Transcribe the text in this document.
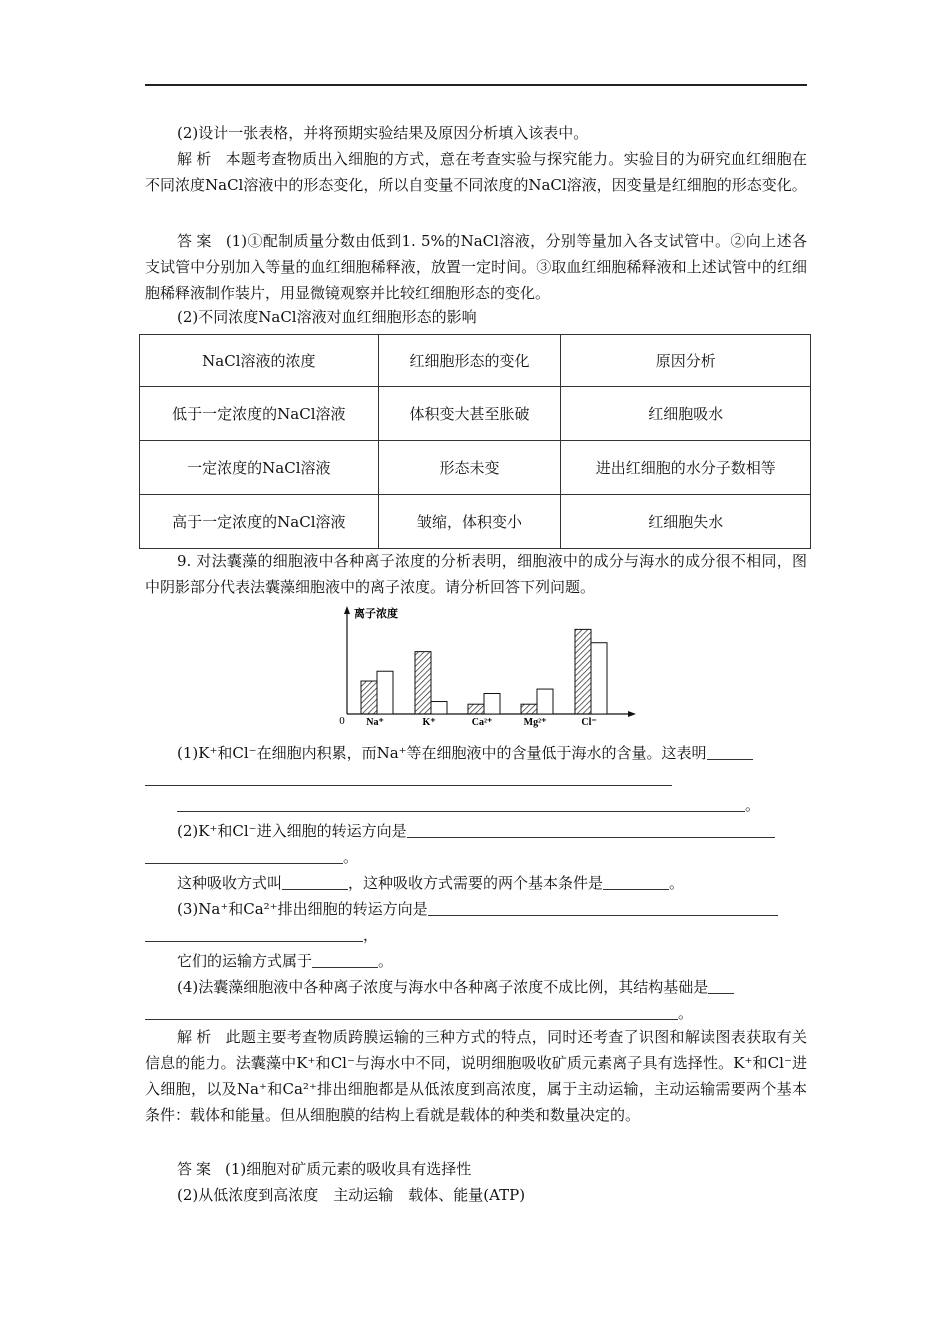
(2)设计一张表格，并将预期实验结果及原因分析填入该表中。

解析 本题考查物质出入细胞的方式，意在考查实验与探究能力。实验目的为研究血红细胞在不同浓度NaCl溶液中的形态变化，所以自变量不同浓度的NaCl溶液，因变量是红细胞的形态变化。

答案 (1)①配制质量分数由低到1. 5%的NaCl溶液，分别等量加入各支试管中。②向上述各支试管中分别加入等量的血红细胞稀释液，放置一定时间。③取血红细胞稀释液和上述试管中的红细胞稀释液制作装片，用显微镜观察并比较红细胞形态的变化。

(2)不同浓度NaCl溶液对血红细胞形态的影响

NaCl溶液的浓度	红细胞形态的变化	原因分析
低于一定浓度的NaCl溶液	体积变大甚至胀破	红细胞吸水
一定浓度的NaCl溶液	形态未变	进出红细胞的水分子数相等
高于一定浓度的NaCl溶液	皱缩，体积变小	红细胞失水

9. 对法囊藻的细胞液中各种离子浓度的分析表明，细胞液中的成分与海水的成分很不相同，图中阴影部分代表法囊藻细胞液中的离子浓度。请分析回答下列问题。

离子浓度
0 Na⁺	K⁺	Ca²⁺	Mg²⁺	Cl⁻

(1)K⁺和Cl⁻在细胞内积累，而Na⁺等在细胞液中的含量低于海水的含量。这表明

。

(2)K⁺和Cl⁻进入细胞的转运方向是

。

这种吸收方式叫	，这种吸收方式需要的两个基本条件是	。

(3)Na⁺和Ca²⁺排出细胞的转运方向是

，

它们的运输方式属于	。

(4)法囊藻细胞液中各种离子浓度与海水中各种离子浓度不成比例，其结构基础是

。

解析 此题主要考查物质跨膜运输的三种方式的特点，同时还考查了识图和解读图表获取有关信息的能力。法囊藻中K⁺和Cl⁻与海水中不同，说明细胞吸收矿质元素离子具有选择性。K⁺和Cl⁻进入细胞，以及Na⁺和Ca²⁺排出细胞都是从低浓度到高浓度，属于主动运输，主动运输需要两个基本条件：载体和能量。但从细胞膜的结构上看就是载体的种类和数量决定的。

答案 (1)细胞对矿质元素的吸收具有选择性

(2)从低浓度到高浓度　主动运输　载体、能量(ATP)
